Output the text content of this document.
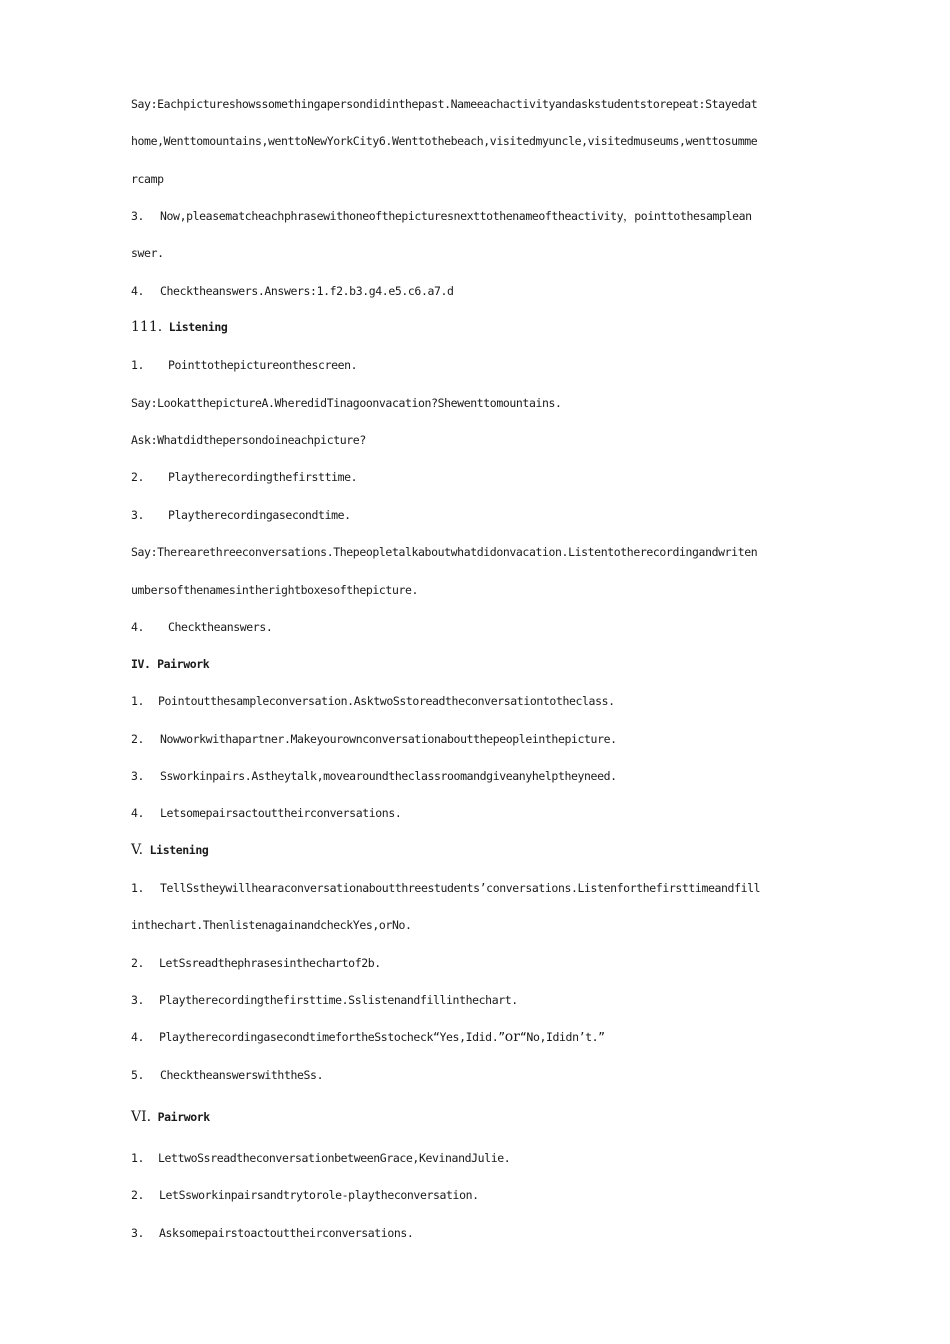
Say:Eachpictureshowssomethingapersondidinthepast.Nameeachactivityandaskstudentstorepeat:Stayedat
home,Wenttomountains,wenttoNewYorkCity6.Wenttothebeach,visitedmyuncle,visitedmuseums,wenttosumme
rcamp
3. Now,pleasematcheachphrasewithoneofthepicturesnexttothenameoftheactivity，pointtothesamplean
swer.
4. Checktheanswers.Answers:1.f2.b3.g4.e5.c6.a7.d
111. Listening
1. Pointtothepictureonthescreen.
Say:LookatthepictureA.WheredidTinagoonvacation?Shewenttomountains.
Ask:Whatdidthepersondoineachpicture?
2. Playtherecordingthefirsttime.
3. Playtherecordingasecondtime.
Say:Therearethreeconversations.Thepeopletalkaboutwhatdidonvacation.Listentotherecordingandwriten
umbersofthenamesintherightboxesofthepicture.
4. Checktheanswers.
IV. Pairwork
1. Pointoutthesampleconversation.AsktwoSstoreadtheconversationtotheclass.
2. Nowworkwithapartner.Makeyourownconversationaboutthepeopleinthepicture.
3. Ssworkinpairs.Astheytalk,movearoundtheclassroomandgiveanyhelptheyneed.
4. Letsomepairsactouttheirconversations.
V. Listening
1. TellSstheywillhearaconversationaboutthreestudents’conversations.Listenforthefirsttimeandfill
inthechart.ThenlistenagainandcheckYes,orNo.
2. LetSsreadthephrasesinthechartof2b.
3. Playtherecordingthefirsttime.Sslistenandfillinthechart.
4. PlaytherecordingasecondtimefortheSstocheck“Yes,Idid.”or“No,Ididn’t.”
5. ChecktheanswerswiththeSs.
VI. Pairwork
1. LettwoSsreadtheconversationbetweenGrace,KevinandJulie.
2. LetSsworkinpairsandtrytorole-playtheconversation.
3. Asksomepairstoactouttheirconversations.
